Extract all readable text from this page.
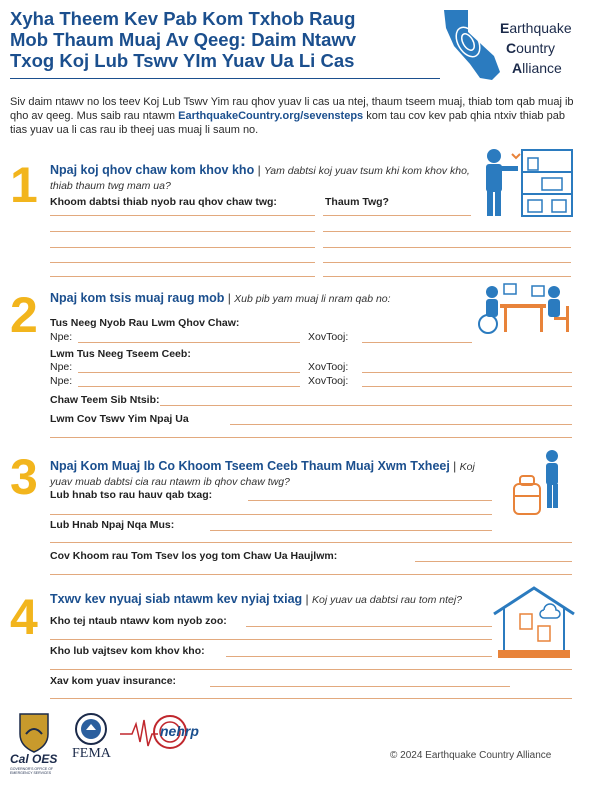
Xyha Theem Kev Pab Kom Txhob Raug
Mob Thaum Muaj Av Qeeg: Daim Ntawv
Txog Koj Lub Tswv YIm Yuav Ua Li Cas
Earthquake
Country
Alliance
Siv daim ntawv no los teev Koj Lub Tswv Yim rau qhov yuav li cas ua ntej, thaum tseem muaj, thiab tom qab muaj ib qho av qeeg. Mus saib rau ntawm EarthquakeCountry.org/sevensteps kom tau cov kev pab qhia ntxiv thiab pab tias yuav ua li cas rau ib theej uas muaj li saum no.
1 Npaj koj qhov chaw kom khov kho | Yam dabtsi koj yuav tsum khi kom khov kho, thiab thaum twg mam ua?
Khoom dabtsi thiab nyob rau qhov chaw twg:	Thaum Twg?
2 Npaj kom tsis muaj raug mob | Xub pib yam muaj li nram qab no:
Tus Neeg Nyob Rau Lwm Qhov Chaw:
Npe:	XovTooj:
Lwm Tus Neeg Tseem Ceeb:
Npe:	XovTooj:
Npe:	XovTooj:
Chaw Teem Sib Ntsib:
Lwm Cov Tswv Yim Npaj Ua
3 Npaj Kom Muaj Ib Co Khoom Tseem Ceeb Thaum Muaj Xwm Txheej | Koj yuav muab dabtsi cia rau ntawm ib qhov chaw twg?
Lub hnab tso rau hauv qab txag:
Lub Hnab Npaj Nqa Mus:
Cov Khoom rau Tom Tsev los yog tom Chaw Ua Haujlwm:
4 Txwv kev nyuaj siab ntawm kev nyiaj txiag | Koj yuav ua dabtsi rau tom ntej?
Kho tej ntaub ntawv kom nyob zoo:
Kho lub vajtsev kom khov kho:
Xav kom yuav insurance:
Cal OES
GOVERNOR'S OFFICE OF EMERGENCY SERVICES
FEMA
nehrp
© 2024 Earthquake Country Alliance
